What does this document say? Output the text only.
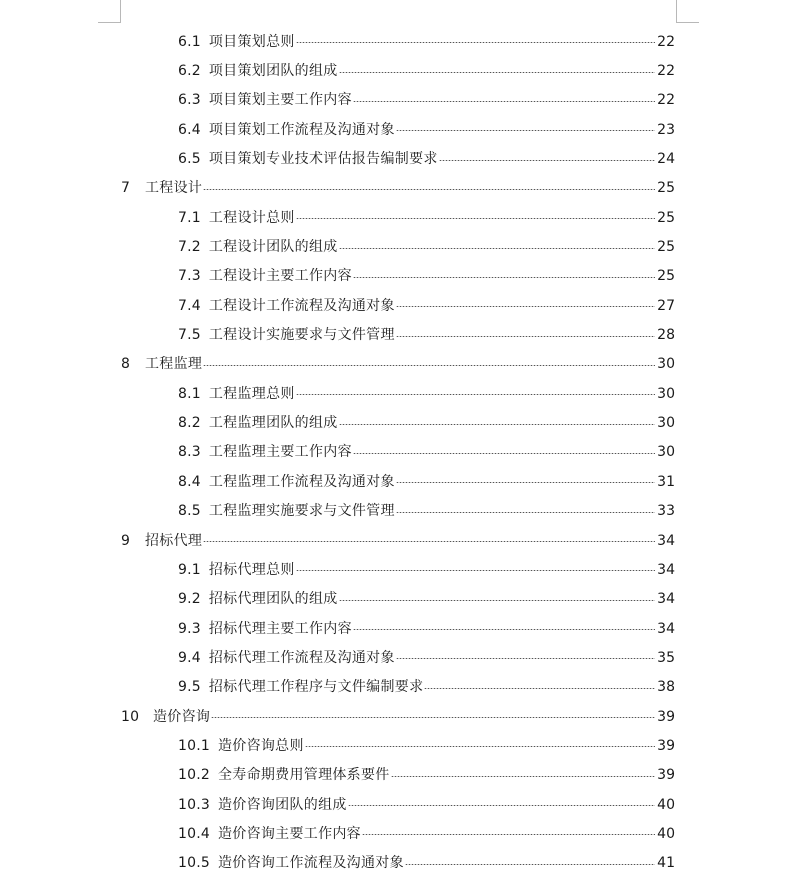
6.1 项目策划总则	22
6.2 项目策划团队的组成	22
6.3 项目策划主要工作内容	22
6.4 项目策划工作流程及沟通对象	23
6.5 项目策划专业技术评估报告编制要求	24
7	工程设计	25
7.1 工程设计总则	25
7.2 工程设计团队的组成	25
7.3 工程设计主要工作内容	25
7.4 工程设计工作流程及沟通对象	27
7.5 工程设计实施要求与文件管理	28
8	工程监理	30
8.1 工程监理总则	30
8.2 工程监理团队的组成	30
8.3 工程监理主要工作内容	30
8.4 工程监理工作流程及沟通对象	31
8.5 工程监理实施要求与文件管理	33
9	招标代理	34
9.1 招标代理总则	34
9.2 招标代理团队的组成	34
9.3 招标代理主要工作内容	34
9.4 招标代理工作流程及沟通对象	35
9.5 招标代理工作程序与文件编制要求	38
10 造价咨询	39
10.1 造价咨询总则	39
10.2 全寿命期费用管理体系要件	39
10.3 造价咨询团队的组成	40
10.4 造价咨询主要工作内容	40
10.5 造价咨询工作流程及沟通对象	41
